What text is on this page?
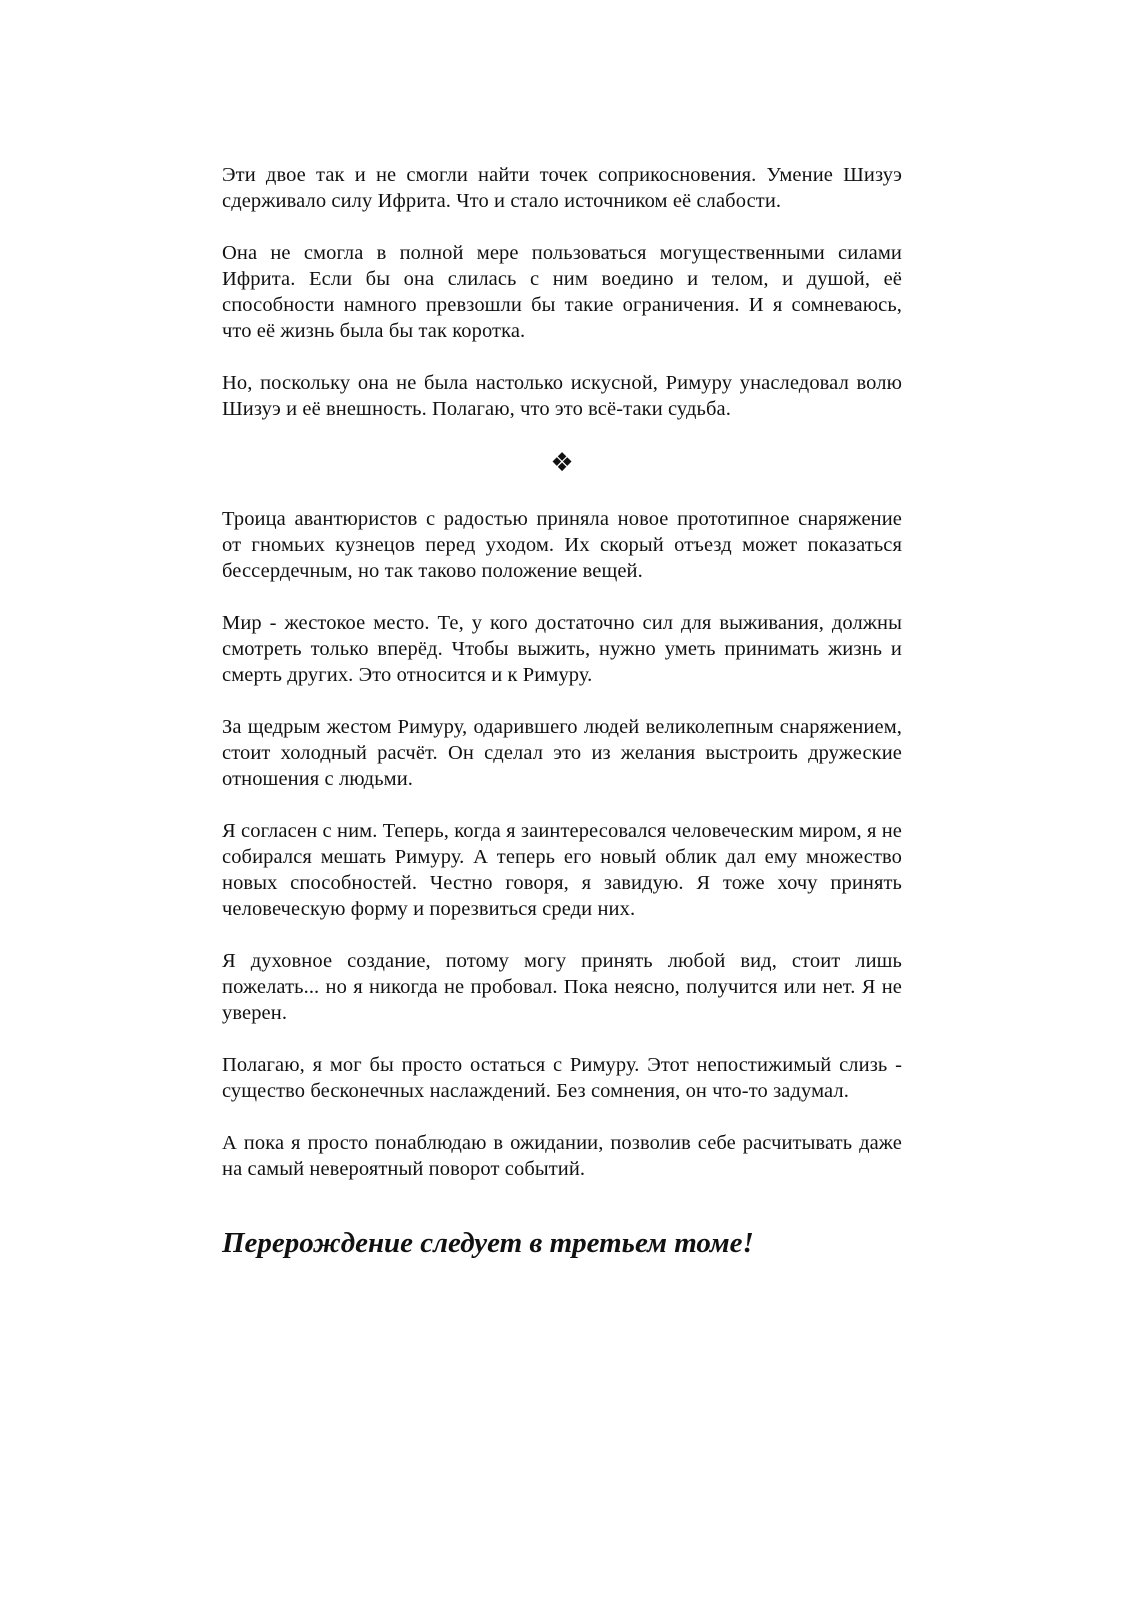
Эти двое так и не смогли найти точек соприкосновения. Умение Шизуэ сдерживало силу Ифрита. Что и стало источником её слабости.

Она не смогла в полной мере пользоваться могущественными силами Ифрита. Если бы она слилась с ним воедино и телом, и душой, её способности намного превзошли бы такие ограничения. И я сомневаюсь, что её жизнь была бы так коротка.

Но, поскольку она не была настолько искусной, Римуру унаследовал волю Шизуэ и её внешность. Полагаю, что это всё-таки судьба.

❖

Троица авантюристов с радостью приняла новое прототипное снаряжение от гномьих кузнецов перед уходом. Их скорый отъезд может показаться бессердечным, но так таково положение вещей.

Мир - жестокое место. Те, у кого достаточно сил для выживания, должны смотреть только вперёд. Чтобы выжить, нужно уметь принимать жизнь и смерть других. Это относится и к Римуру.

За щедрым жестом Римуру, одарившего людей великолепным снаряжением, стоит холодный расчёт. Он сделал это из желания выстроить дружеские отношения с людьми.

Я согласен с ним. Теперь, когда я заинтересовался человеческим миром, я не собирался мешать Римуру. А теперь его новый облик дал ему множество новых способностей. Честно говоря, я завидую. Я тоже хочу принять человеческую форму и порезвиться среди них.

Я духовное создание, потому могу принять любой вид, стоит лишь пожелать... но я никогда не пробовал. Пока неясно, получится или нет. Я не уверен.

Полагаю, я мог бы просто остаться с Римуру. Этот непостижимый слизь - существо бесконечных наслаждений. Без сомнения, он что-то задумал.

А пока я просто понаблюдаю в ожидании, позволив себе расчитывать даже на самый невероятный поворот событий.

Перерождение следует в третьем томе!
